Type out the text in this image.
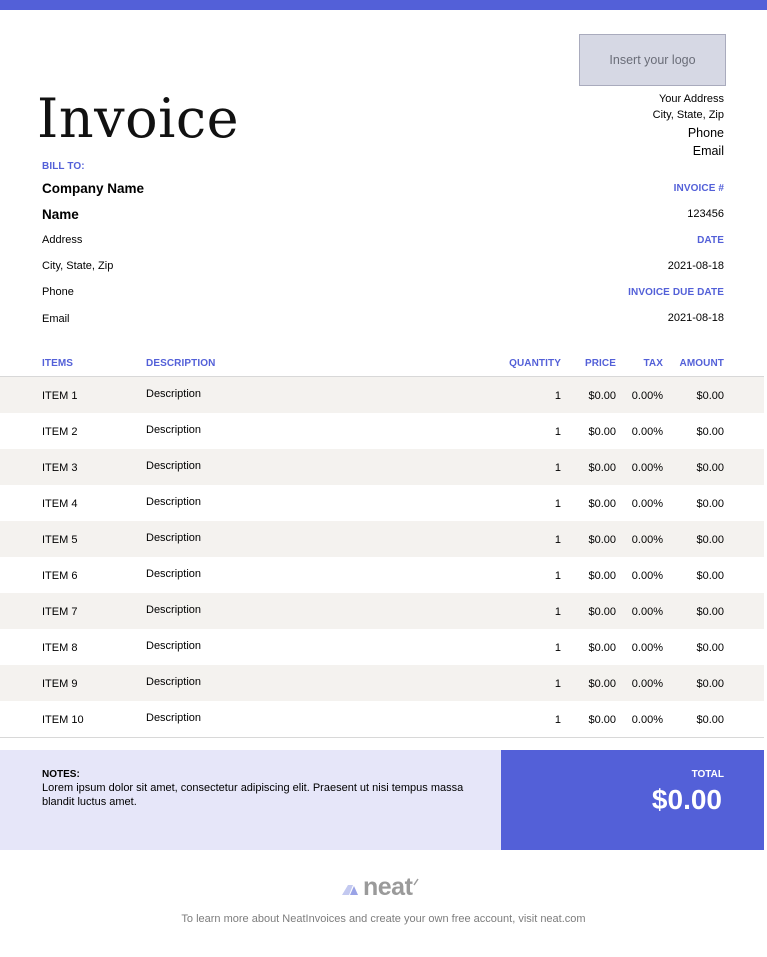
Insert your logo
Invoice	Your Address
City, State, Zip
Phone
Email
BILL TO:
Company Name
Name
Address
City, State, Zip
Phone
Email
INVOICE #
123456
DATE
2021-08-18
INVOICE DUE DATE
2021-08-18
ITEMS	DESCRIPTION	QUANTITY PRICE	TAX AMOUNT
ITEM 1	Description	1 $0.00 0.00%	$0.00
ITEM 2	Description	1 $0.00 0.00%	$0.00
ITEM 3	Description	1 $0.00 0.00%	$0.00
ITEM 4	Description	1 $0.00 0.00%	$0.00
ITEM 5	Description	1 $0.00 0.00%	$0.00
ITEM 6	Description	1 $0.00 0.00%	$0.00
ITEM 7	Description	1 $0.00 0.00%	$0.00
ITEM 8	Description	1 $0.00 0.00%	$0.00
ITEM 9	Description	1 $0.00 0.00%	$0.00
ITEM 10	Description	1 $0.00 0.00%	$0.00
NOTES:
Lorem ipsum dolor sit amet, consectetur adipiscing elit. Praesent ut nisi tempus massa blandit luctus amet.
TOTAL
$0.00
neat
To learn more about NeatInvoices and create your own free account, visit neat.com
